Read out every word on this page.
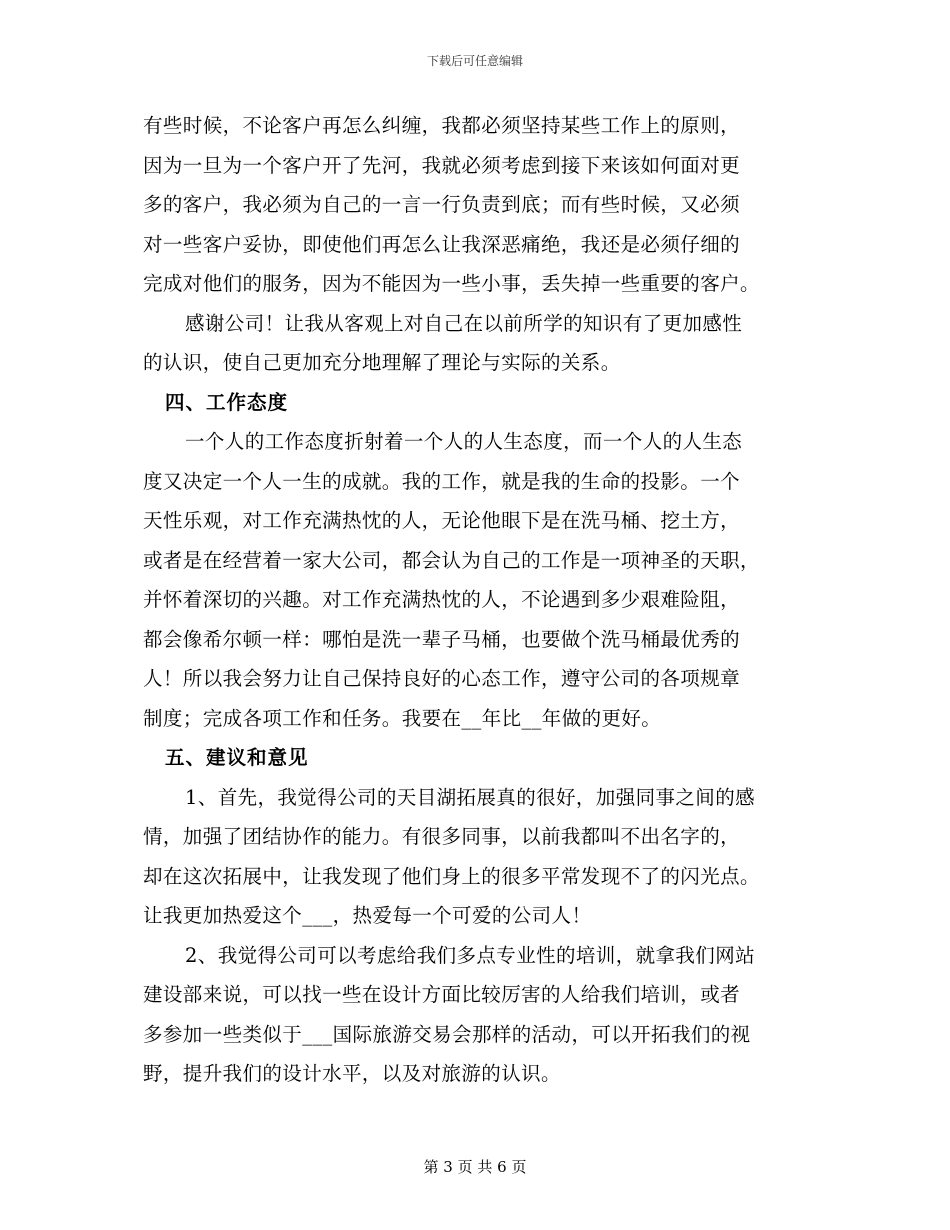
下载后可任意编辑
有些时候，不论客户再怎么纠缠，我都必须坚持某些工作上的原则，
因为一旦为一个客户开了先河，我就必须考虑到接下来该如何面对更
多的客户，我必须为自己的一言一行负责到底；而有些时候，又必须
对一些客户妥协，即使他们再怎么让我深恶痛绝，我还是必须仔细的
完成对他们的服务，因为不能因为一些小事，丢失掉一些重要的客户。
感谢公司！让我从客观上对自己在以前所学的知识有了更加感性
的认识，使自己更加充分地理解了理论与实际的关系。
四、工作态度
一个人的工作态度折射着一个人的人生态度，而一个人的人生态
度又决定一个人一生的成就。我的工作，就是我的生命的投影。一个
天性乐观，对工作充满热忱的人，无论他眼下是在洗马桶、挖土方，
或者是在经营着一家大公司，都会认为自己的工作是一项神圣的天职，
并怀着深切的兴趣。对工作充满热忱的人，不论遇到多少艰难险阻，
都会像希尔顿一样：哪怕是洗一辈子马桶，也要做个洗马桶最优秀的
人！所以我会努力让自己保持良好的心态工作，遵守公司的各项规章
制度；完成各项工作和任务。我要在__年比__年做的更好。
五、建议和意见
1、首先，我觉得公司的天目湖拓展真的很好，加强同事之间的感
情，加强了团结协作的能力。有很多同事，以前我都叫不出名字的，
却在这次拓展中，让我发现了他们身上的很多平常发现不了的闪光点。
让我更加热爱这个___，热爱每一个可爱的公司人！
2、我觉得公司可以考虑给我们多点专业性的培训，就拿我们网站
建设部来说，可以找一些在设计方面比较厉害的人给我们培训，或者
多参加一些类似于___国际旅游交易会那样的活动，可以开拓我们的视
野，提升我们的设计水平，以及对旅游的认识。
第 3 页 共 6 页
